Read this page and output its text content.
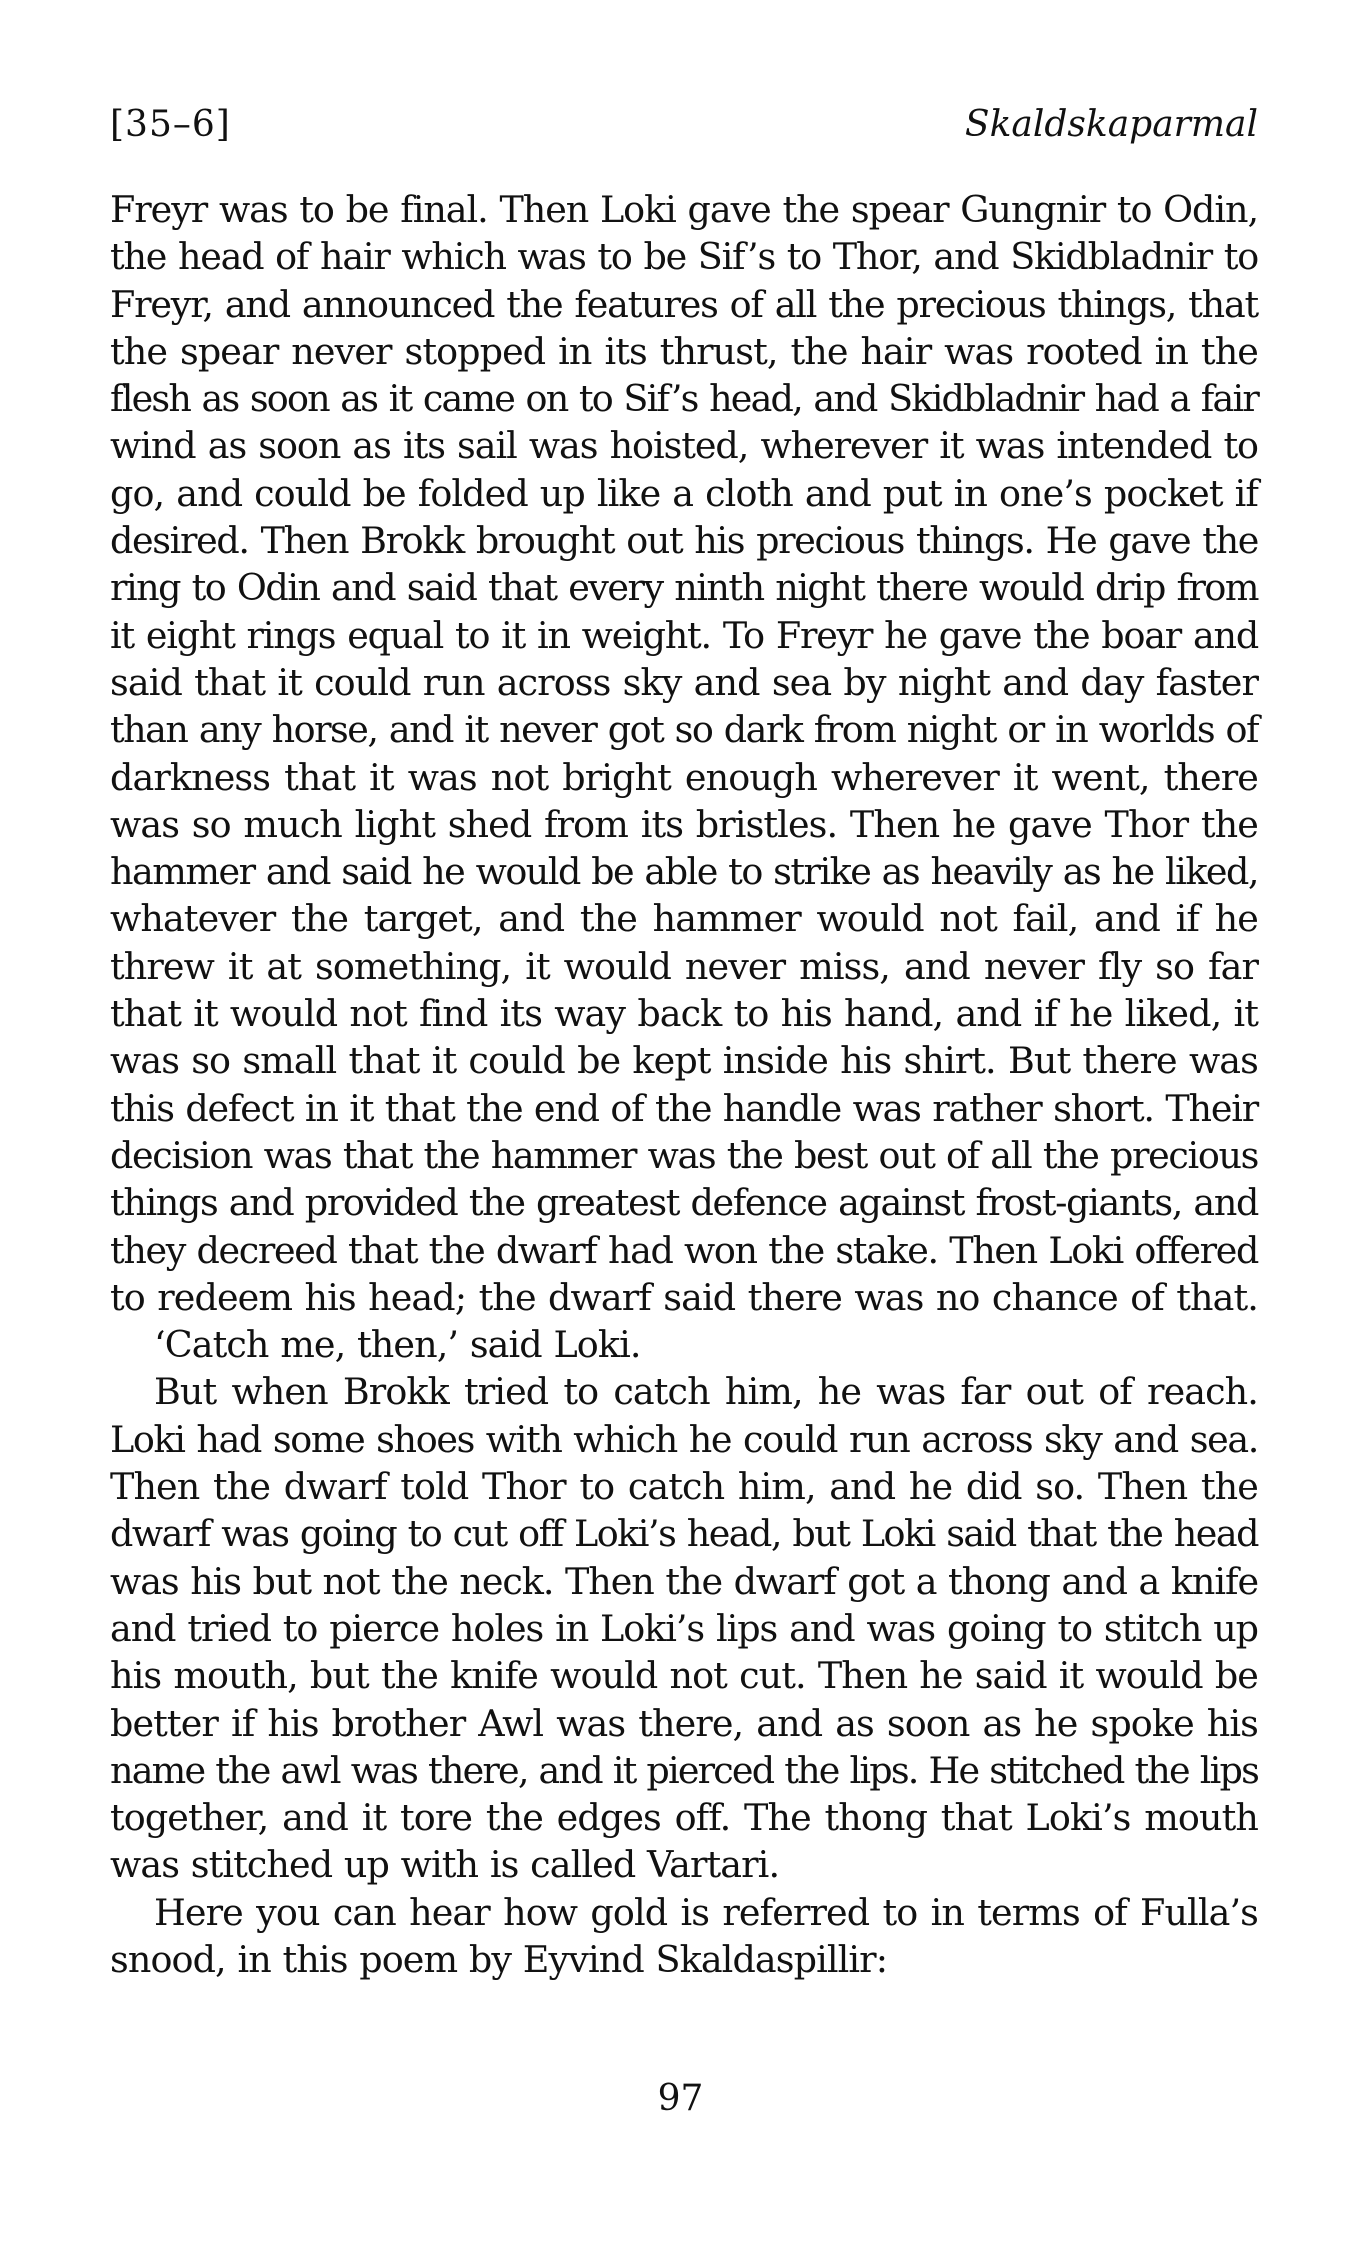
[35–6]	Skaldskaparmal
Freyr was to be final. Then Loki gave the spear Gungnir to Odin,
the head of hair which was to be Sif’s to Thor, and Skidbladnir to
Freyr, and announced the features of all the precious things, that
the spear never stopped in its thrust, the hair was rooted in the
flesh as soon as it came on to Sif’s head, and Skidbladnir had a fair
wind as soon as its sail was hoisted, wherever it was intended to
go, and could be folded up like a cloth and put in one’s pocket if
desired. Then Brokk brought out his precious things. He gave the
ring to Odin and said that every ninth night there would drip from
it eight rings equal to it in weight. To Freyr he gave the boar and
said that it could run across sky and sea by night and day faster
than any horse, and it never got so dark from night or in worlds of
darkness that it was not bright enough wherever it went, there
was so much light shed from its bristles. Then he gave Thor the
hammer and said he would be able to strike as heavily as he liked,
whatever the target, and the hammer would not fail, and if he
threw it at something, it would never miss, and never fly so far
that it would not find its way back to his hand, and if he liked, it
was so small that it could be kept inside his shirt. But there was
this defect in it that the end of the handle was rather short. Their
decision was that the hammer was the best out of all the precious
things and provided the greatest defence against frost-giants, and
they decreed that the dwarf had won the stake. Then Loki offered
to redeem his head; the dwarf said there was no chance of that.
‘Catch me, then,’ said Loki.
But when Brokk tried to catch him, he was far out of reach.
Loki had some shoes with which he could run across sky and sea.
Then the dwarf told Thor to catch him, and he did so. Then the
dwarf was going to cut off Loki’s head, but Loki said that the head
was his but not the neck. Then the dwarf got a thong and a knife
and tried to pierce holes in Loki’s lips and was going to stitch up
his mouth, but the knife would not cut. Then he said it would be
better if his brother Awl was there, and as soon as he spoke his
name the awl was there, and it pierced the lips. He stitched the lips
together, and it tore the edges off. The thong that Loki’s mouth
was stitched up with is called Vartari.
Here you can hear how gold is referred to in terms of Fulla’s
snood, in this poem by Eyvind Skaldaspillir:
97
